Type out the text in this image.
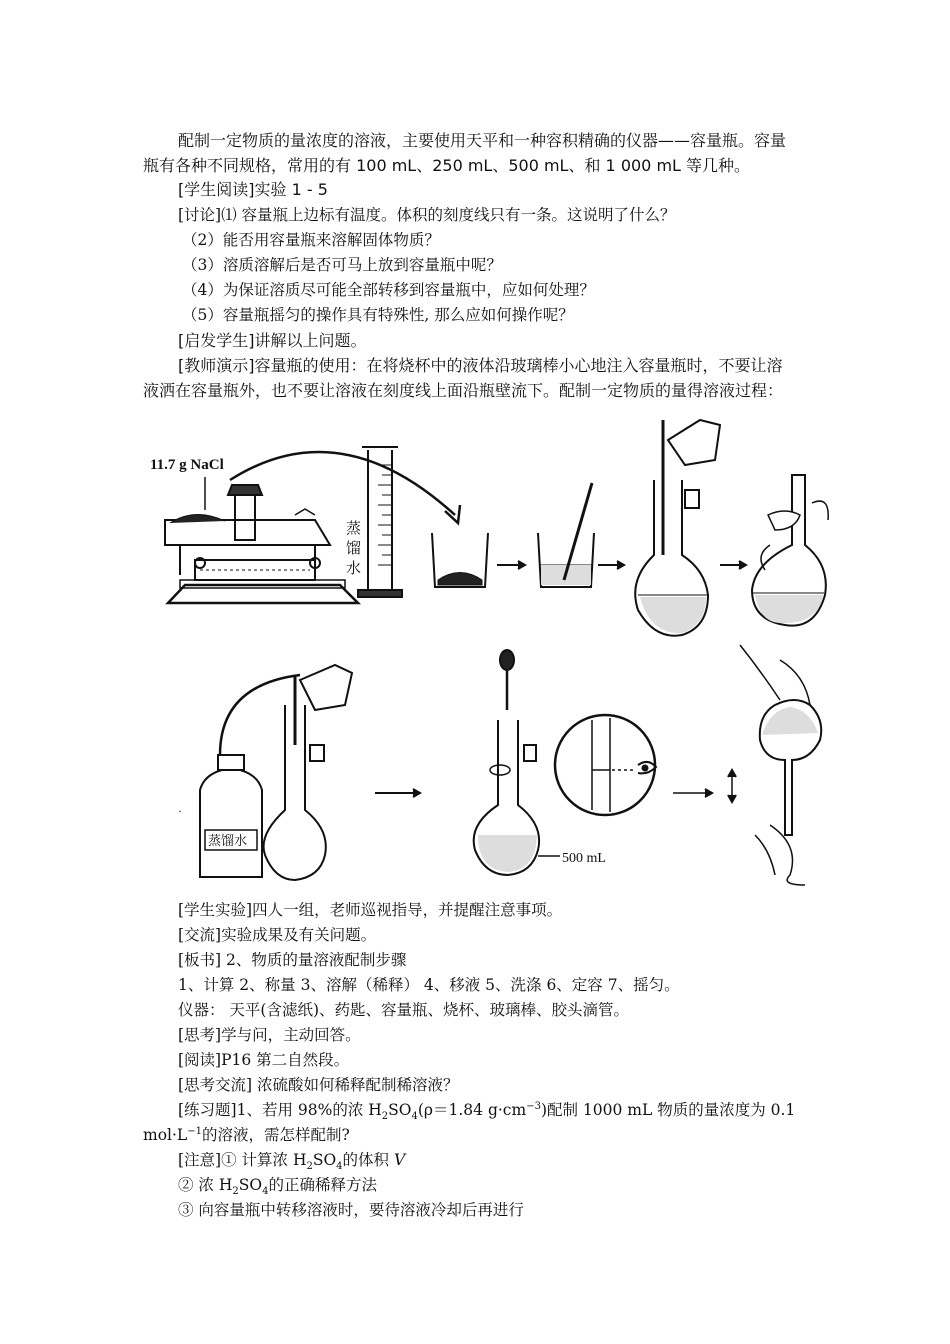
配制一定物质的量浓度的溶液，主要使用天平和一种容积精确的仪器——容量瓶。容量
瓶有各种不同规格，常用的有 100 mL、250 mL、500 mL、和 1 000 mL 等几种。
[学生阅读]实验 1 - 5
[讨论]⑴ 容量瓶上边标有温度。体积的刻度线只有一条。这说明了什么？
（2）能否用容量瓶来溶解固体物质？
（3）溶质溶解后是否可马上放到容量瓶中呢？
（4）为保证溶质尽可能全部转移到容量瓶中，应如何处理？
（5）容量瓶摇匀的操作具有特殊性, 那么应如何操作呢？
[启发学生]讲解以上问题。
[教师演示]容量瓶的使用：在将烧杯中的液体沿玻璃棒小心地注入容量瓶时，不要让溶
液洒在容量瓶外，也不要让溶液在刻度线上面沿瓶壁流下。配制一定物质的量得溶液过程：
11.7 g NaCl
蒸
馏
水
蒸馏水
·
500 mL
[学生实验]四人一组，老师巡视指导，并提醒注意事项。
[交流]实验成果及有关问题。
[板书] 2、物质的量溶液配制步骤
1、计算 2、称量 3、溶解（稀释） 4、移液 5、洗涤 6、定容 7、摇匀。
仪器： 天平(含滤纸)、药匙、容量瓶、烧杯、玻璃棒、胶头滴管。
[思考]学与问，主动回答。
[阅读]P16 第二自然段。
[思考交流] 浓硫酸如何稀释配制稀溶液？
[练习题]1、若用 98%的浓 $H_2SO_4(\rho=1.84$ $g\cdot cm^{-3}$)配制 1000 mL 物质的量浓度为 0.1
$mol\cdot L^{-1}$的溶液，需怎样配制?
[注意]① 计算浓 $H_2SO_4$的体积 V
② 浓 $H_2SO_4$的正确稀释方法
③ 向容量瓶中转移溶液时，要待溶液冷却后再进行
